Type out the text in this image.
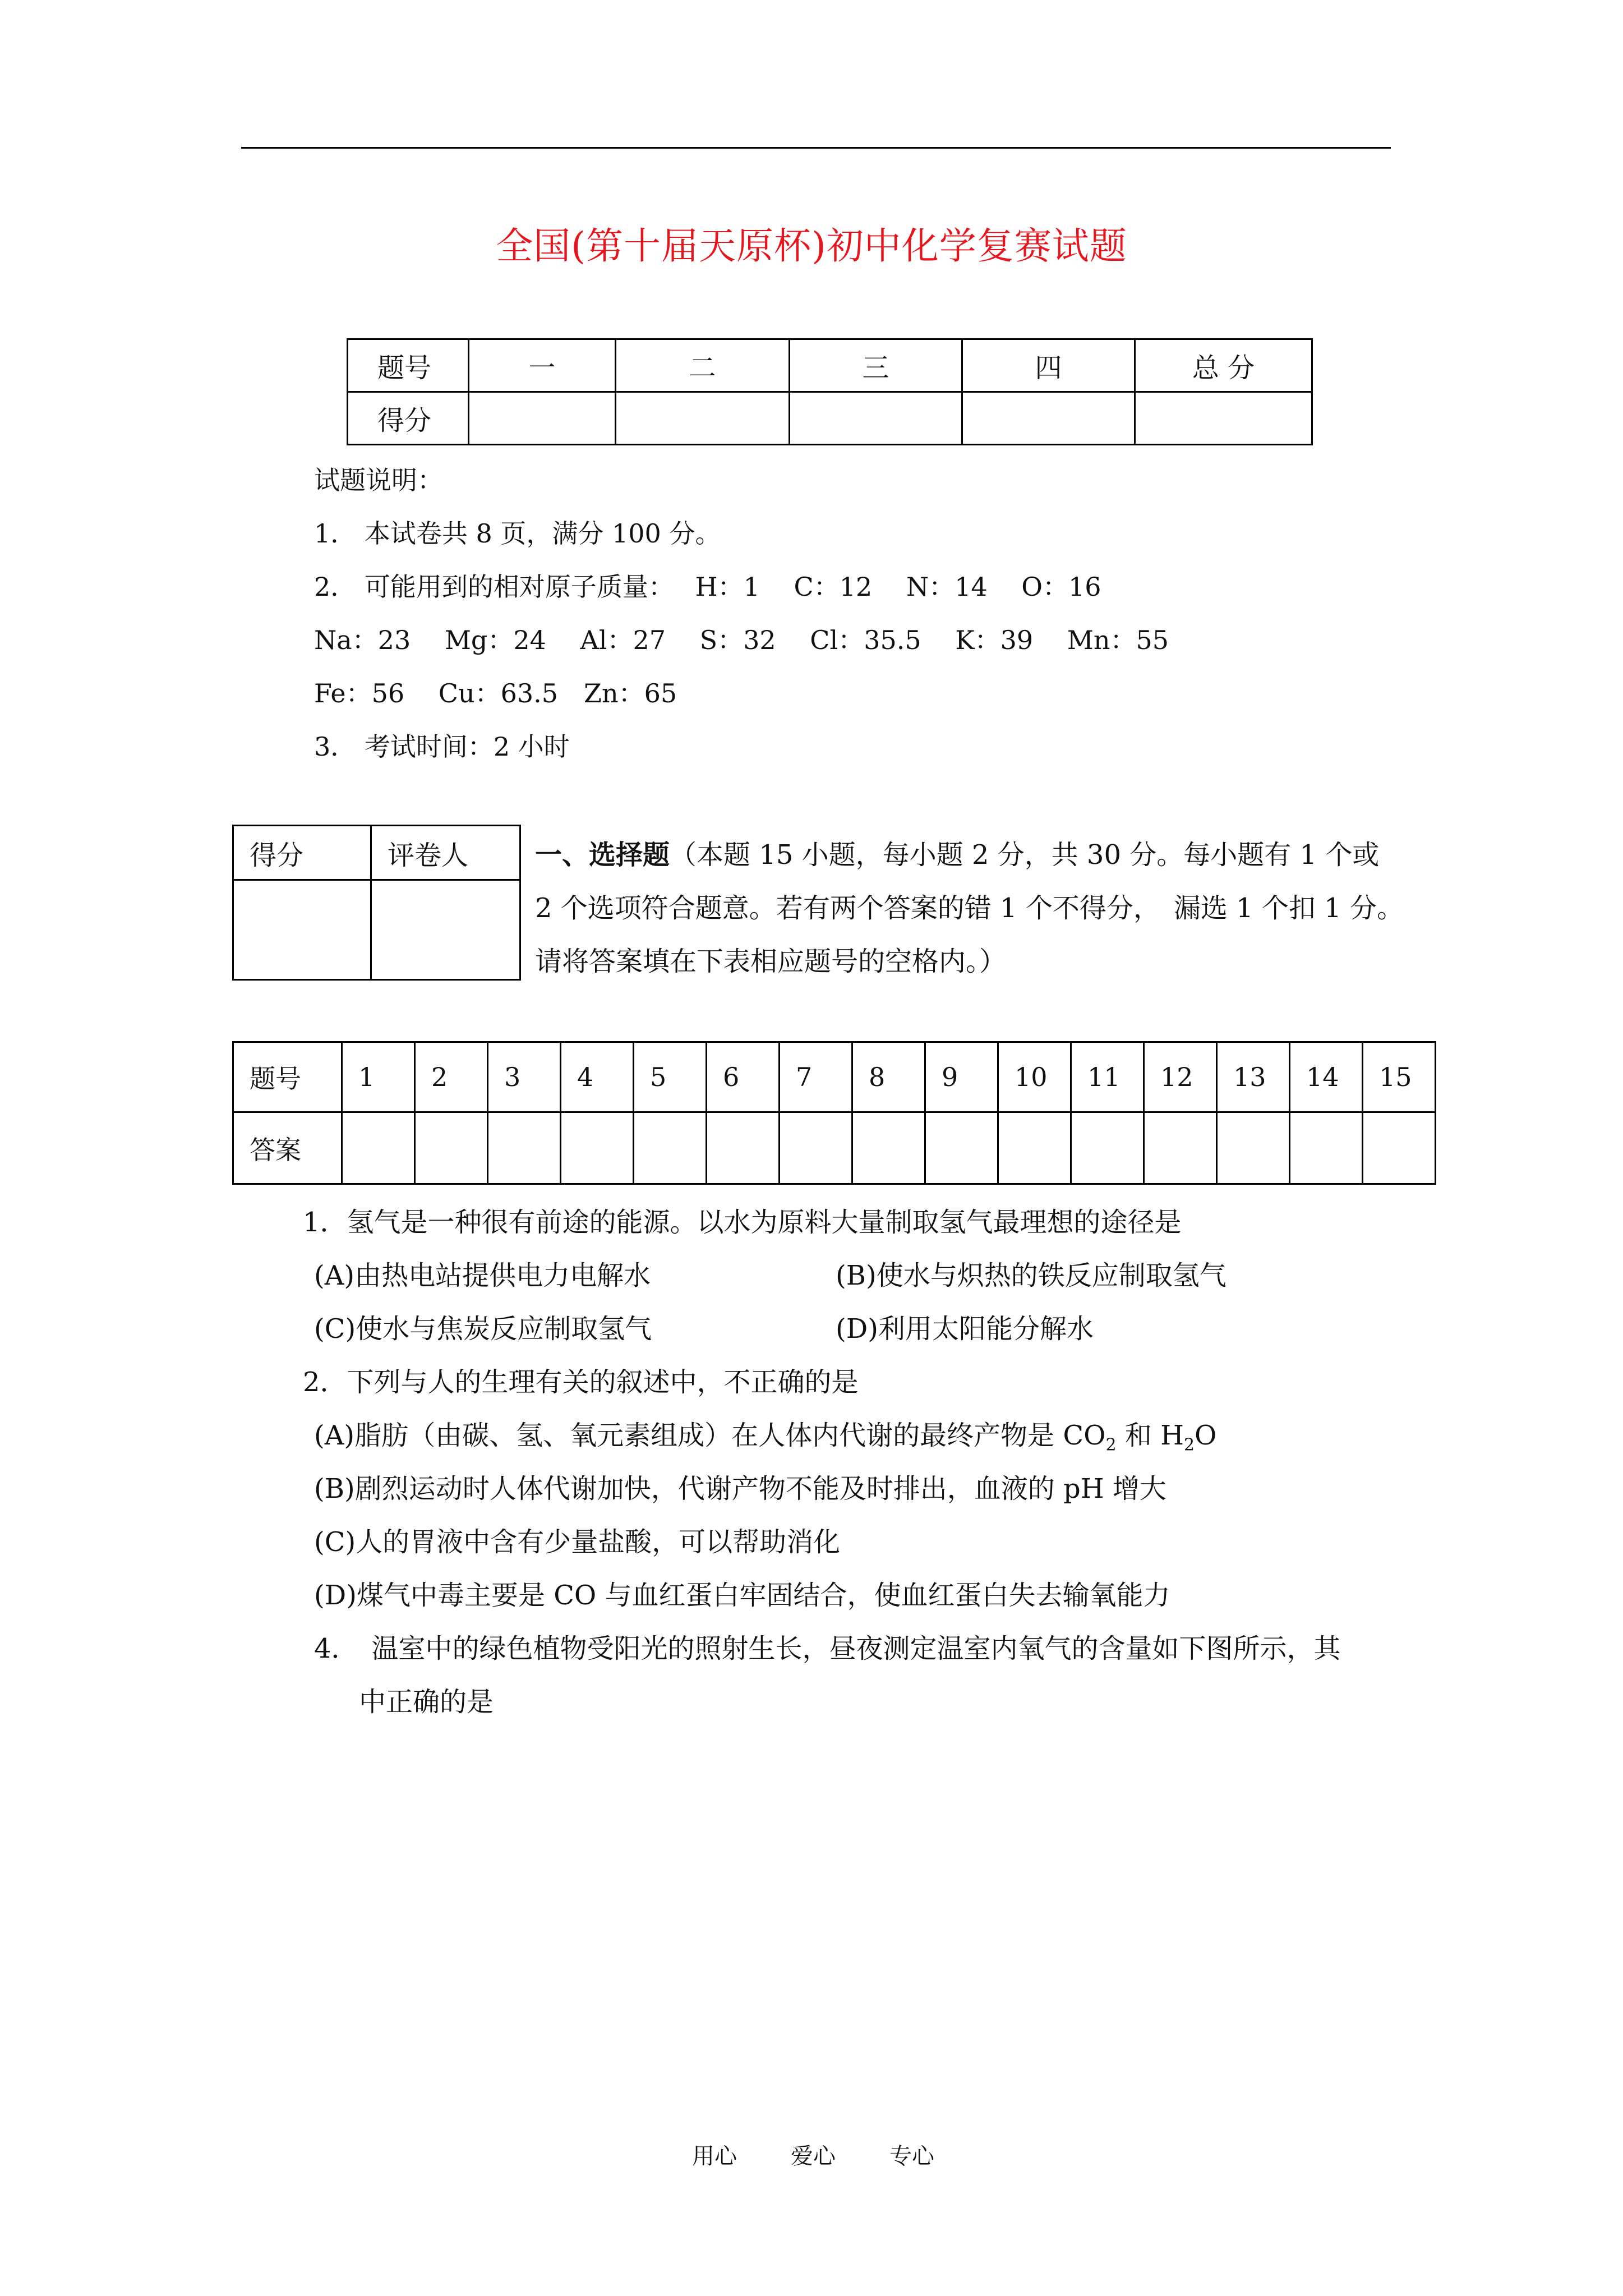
全国(第十届天原杯)初中化学复赛试题
题号	一	二	三	四	总 分
得分					
试题说明：
1． 本试卷共 8 页，满分 100 分。
2． 可能用到的相对原子质量：　 H：1　 C：12　 N：14　 O：16
Na：23　 Mg：24　 Al：27　 S：32　 Cl：35.5　 K：39　 Mn：55
Fe：56　 Cu：63.5　Zn：65
3． 考试时间：2 小时
得分	评卷人
	一、选择题（本题 15 小题，每小题 2 分，共 30 分。每小题有 1 个或
2 个选项符合题意。若有两个答案的错 1 个不得分，　漏选 1 个扣 1 分。
请将答案填在下表相应题号的空格内。）
题号	1	2	3	4	5	6	7	8	9	10	11	12	13	14	15
答案															
1．氢气是一种很有前途的能源。以水为原料大量制取氢气最理想的途径是
(A)由热电站提供电力电解水	(B)使水与炽热的铁反应制取氢气
(C)使水与焦炭反应制取氢气	(D)利用太阳能分解水
2．下列与人的生理有关的叙述中，不正确的是
(A)脂肪（由碳、氢、氧元素组成）在人体内代谢的最终产物是 $CO_2$ 和 $H_2O$
(B)剧烈运动时人体代谢加快，代谢产物不能及时排出，血液的 pH 增大
(C)人的胃液中含有少量盐酸，可以帮助消化
(D)煤气中毒主要是 CO 与血红蛋白牢固结合，使血红蛋白失去输氧能力
4．　温室中的绿色植物受阳光的照射生长，昼夜测定温室内氧气的含量如下图所示，其
中正确的是
用心 爱心 专心
